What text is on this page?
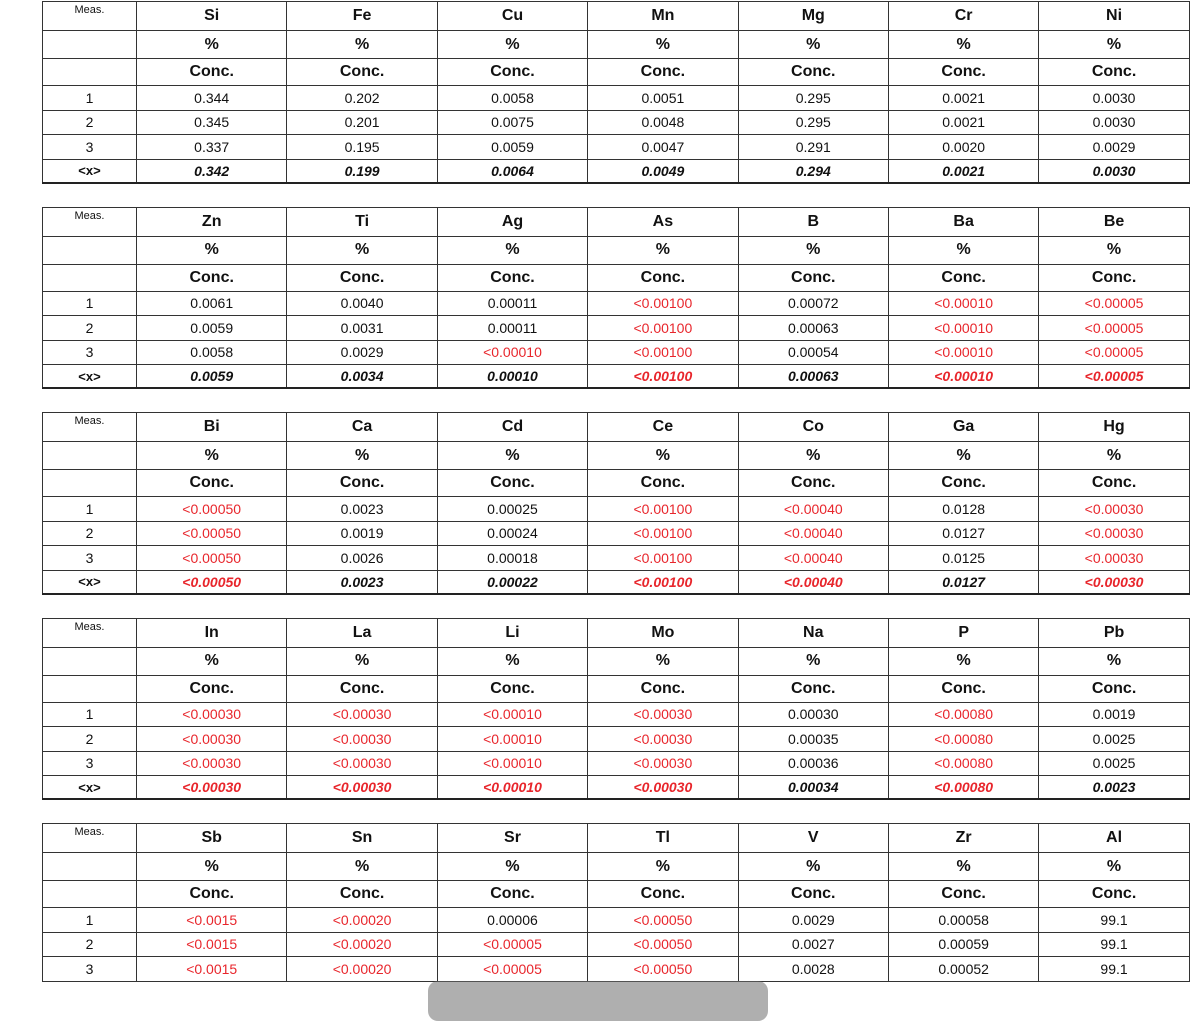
Meas.	Si	Fe	Cu	Mn	Mg	Cr	Ni
	%	%	%	%	%	%	%
	Conc.	Conc.	Conc.	Conc.	Conc.	Conc.	Conc.
1	0.344	0.202	0.0058	0.0051	0.295	0.0021	0.0030
2	0.345	0.201	0.0075	0.0048	0.295	0.0021	0.0030
3	0.337	0.195	0.0059	0.0047	0.291	0.0020	0.0029
<x>	0.342	0.199	0.0064	0.0049	0.294	0.0021	0.0030
Meas.	Zn	Ti	Ag	As	B	Ba	Be
	%	%	%	%	%	%	%
	Conc.	Conc.	Conc.	Conc.	Conc.	Conc.	Conc.
1	0.0061	0.0040	0.00011	<0.00100	0.00072	<0.00010	<0.00005
2	0.0059	0.0031	0.00011	<0.00100	0.00063	<0.00010	<0.00005
3	0.0058	0.0029	<0.00010	<0.00100	0.00054	<0.00010	<0.00005
<x>	0.0059	0.0034	0.00010	<0.00100	0.00063	<0.00010	<0.00005
Meas.	Bi	Ca	Cd	Ce	Co	Ga	Hg
	%	%	%	%	%	%	%
	Conc.	Conc.	Conc.	Conc.	Conc.	Conc.	Conc.
1	<0.00050	0.0023	0.00025	<0.00100	<0.00040	0.0128	<0.00030
2	<0.00050	0.0019	0.00024	<0.00100	<0.00040	0.0127	<0.00030
3	<0.00050	0.0026	0.00018	<0.00100	<0.00040	0.0125	<0.00030
<x>	<0.00050	0.0023	0.00022	<0.00100	<0.00040	0.0127	<0.00030
Meas.	In	La	Li	Mo	Na	P	Pb
	%	%	%	%	%	%	%
	Conc.	Conc.	Conc.	Conc.	Conc.	Conc.	Conc.
1	<0.00030	<0.00030	<0.00010	<0.00030	0.00030	<0.00080	0.0019
2	<0.00030	<0.00030	<0.00010	<0.00030	0.00035	<0.00080	0.0025
3	<0.00030	<0.00030	<0.00010	<0.00030	0.00036	<0.00080	0.0025
<x>	<0.00030	<0.00030	<0.00010	<0.00030	0.00034	<0.00080	0.0023
Meas.	Sb	Sn	Sr	Tl	V	Zr	Al
	%	%	%	%	%	%	%
	Conc.	Conc.	Conc.	Conc.	Conc.	Conc.	Conc.
1	<0.0015	<0.00020	0.00006	<0.00050	0.0029	0.00058	99.1
2	<0.0015	<0.00020	<0.00005	<0.00050	0.0027	0.00059	99.1
3	<0.0015	<0.00020	<0.00005	<0.00050	0.0028	0.00052	99.1
